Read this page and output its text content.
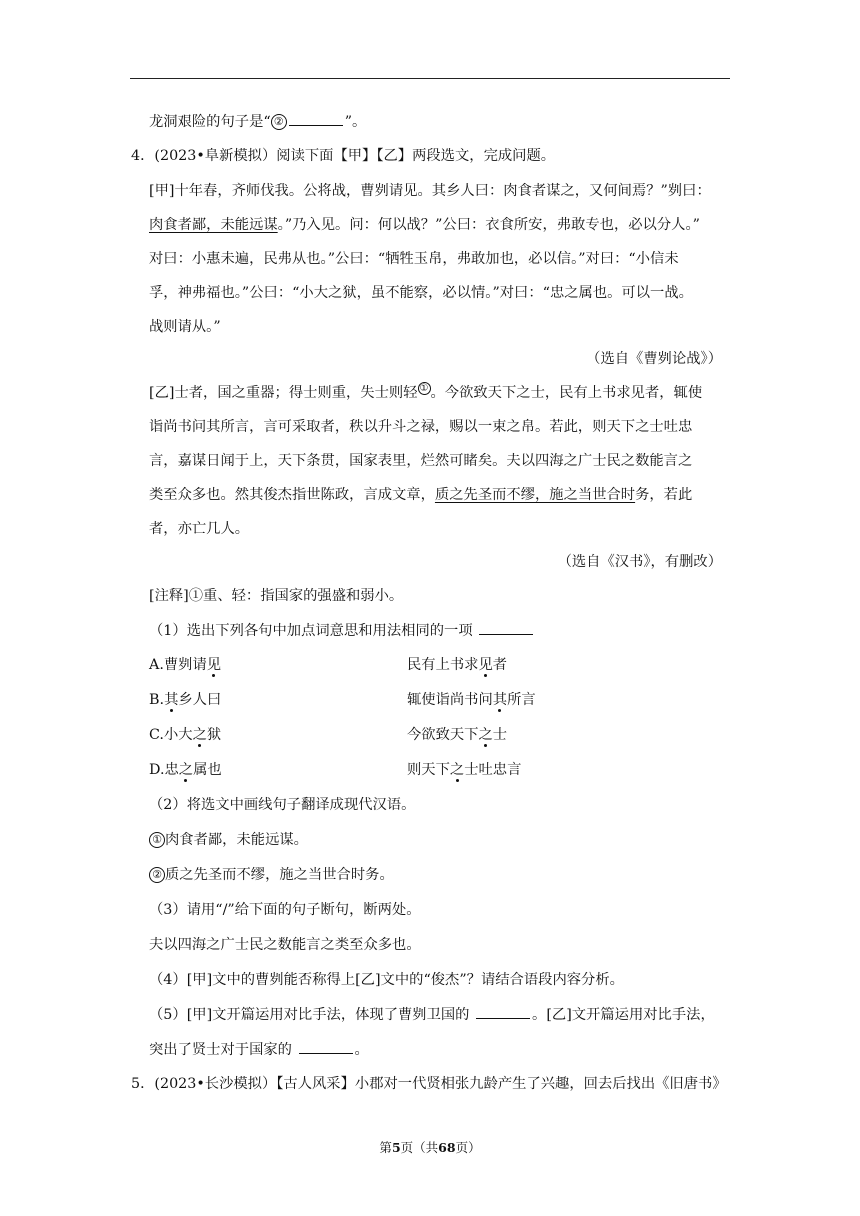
龙洞艰险的句子是“ ②	”。
4．(2023•阜新模拟）阅读下面【甲】【乙】两段选文，完成问题。
[甲]十年春，齐师伐我。公将战，曹刿请见。其乡人曰：肉食者谋之，又何间焉？”刿曰：
肉食者鄙，未能远谋。”乃入见。问：何以战？”公曰：衣食所安，弗敢专也，必以分人。”
对曰：小惠未遍，民弗从也。”公曰：“牺牲玉帛，弗敢加也，必以信。”对曰：“小信未
孚，神弗福也。”公曰：“小大之狱，虽不能察，必以情。”对曰：“忠之属也。可以一战。
战则请从。”
（选自《曹刿论战》）
[乙]士者，国之重器；得士则重，失士则轻 ① 。今欲致天下之士，民有上书求见者，辄使
诣尚书问其所言，言可采取者，秩以升斗之禄，赐以一束之帛。若此，则天下之士吐忠
言，嘉谋日闻于上，天下条贯，国家表里，烂然可睹矣。夫以四海之广士民之数能言之
类至众多也。然其俊杰指世陈政，言成文章，质之先圣而不缪，施之当世合时务，若此
者，亦亡几人。
（选自《汉书》，有删改）
[注释]①重、轻：指国家的强盛和弱小。
（1）选出下列各句中加点词意思和用法相同的一项
A.曹刿请见	民有上书求见者
B.其乡人曰	辄使诣尚书问其所言
C.小大之狱	今欲致天下之士
D.忠之属也	则天下之士吐忠言
（2）将选文中画线句子翻译成现代汉语。
① 肉食者鄙，未能远谋。
② 质之先圣而不缪，施之当世合时务。
（3）请用“/”给下面的句子断句，断两处。
夫以四海之广士民之数能言之类至众多也。
（4）[甲]文中的曹刿能否称得上[乙]文中的“俊杰”？请结合语段内容分析。
（5）[甲]文开篇运用对比手法，体现了曹刿卫国的	。[乙]文开篇运用对比手法，
突出了贤士对于国家的	。
5．(2023•长沙模拟）【古人风采】小郡对一代贤相张九龄产生了兴趣，回去后找出《旧唐书》
第5页（共68页）
